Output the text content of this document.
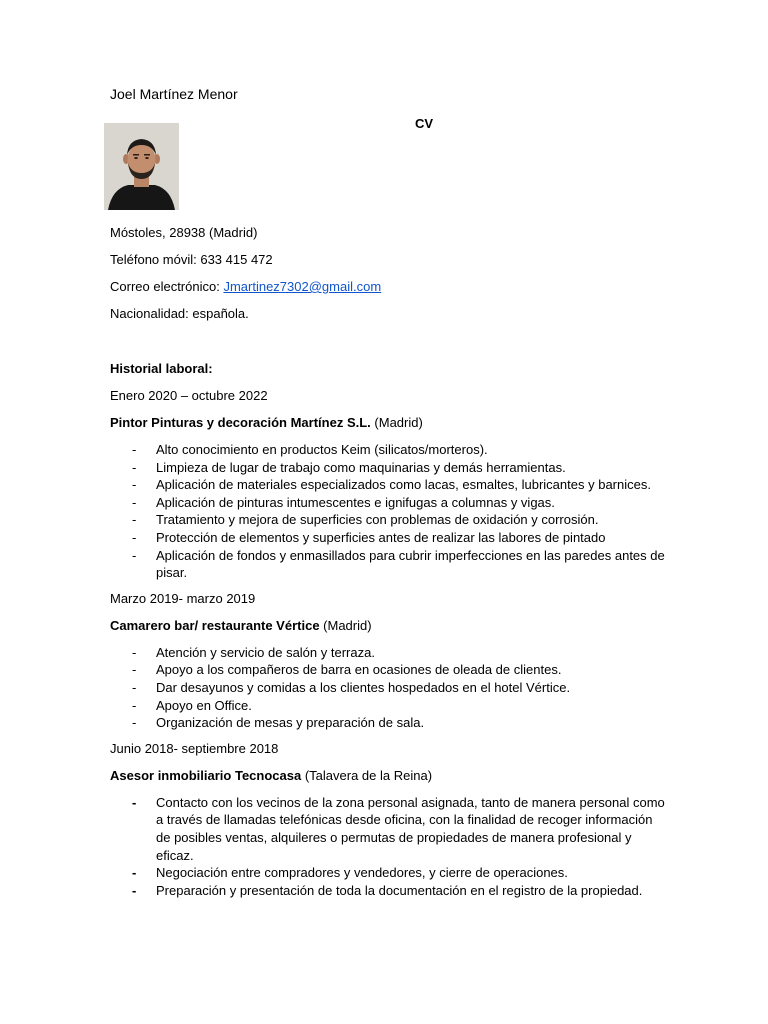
Joel Martínez Menor
CV
Móstoles, 28938 (Madrid)
Teléfono móvil: 633 415 472
Correo electrónico: Jmartinez7302@gmail.com
Nacionalidad: española.
Historial laboral:
Enero 2020 – octubre 2022
Pintor Pinturas y decoración Martínez S.L. (Madrid)
- Alto conocimiento en productos Keim (silicatos/morteros).
- Limpieza de lugar de trabajo como maquinarias y demás herramientas.
- Aplicación de materiales especializados como lacas, esmaltes, lubricantes y barnices.
- Aplicación de pinturas intumescentes e ignifugas a columnas y vigas.
- Tratamiento y mejora de superficies con problemas de oxidación y corrosión.
- Protección de elementos y superficies antes de realizar las labores de pintado
- Aplicación de fondos y enmasillados para cubrir imperfecciones en las paredes antes de pisar.
Marzo 2019- marzo 2019
Camarero bar/ restaurante Vértice (Madrid)
- Atención y servicio de salón y terraza.
- Apoyo a los compañeros de barra en ocasiones de oleada de clientes.
- Dar desayunos y comidas a los clientes hospedados en el hotel Vértice.
- Apoyo en Office.
- Organización de mesas y preparación de sala.
Junio 2018- septiembre 2018
Asesor inmobiliario Tecnocasa (Talavera de la Reina)
- Contacto con los vecinos de la zona personal asignada, tanto de manera personal como a través de llamadas telefónicas desde oficina, con la finalidad de recoger información de posibles ventas, alquileres o permutas de propiedades de manera profesional y eficaz.
- Negociación entre compradores y vendedores, y cierre de operaciones.
- Preparación y presentación de toda la documentación en el registro de la propiedad.
